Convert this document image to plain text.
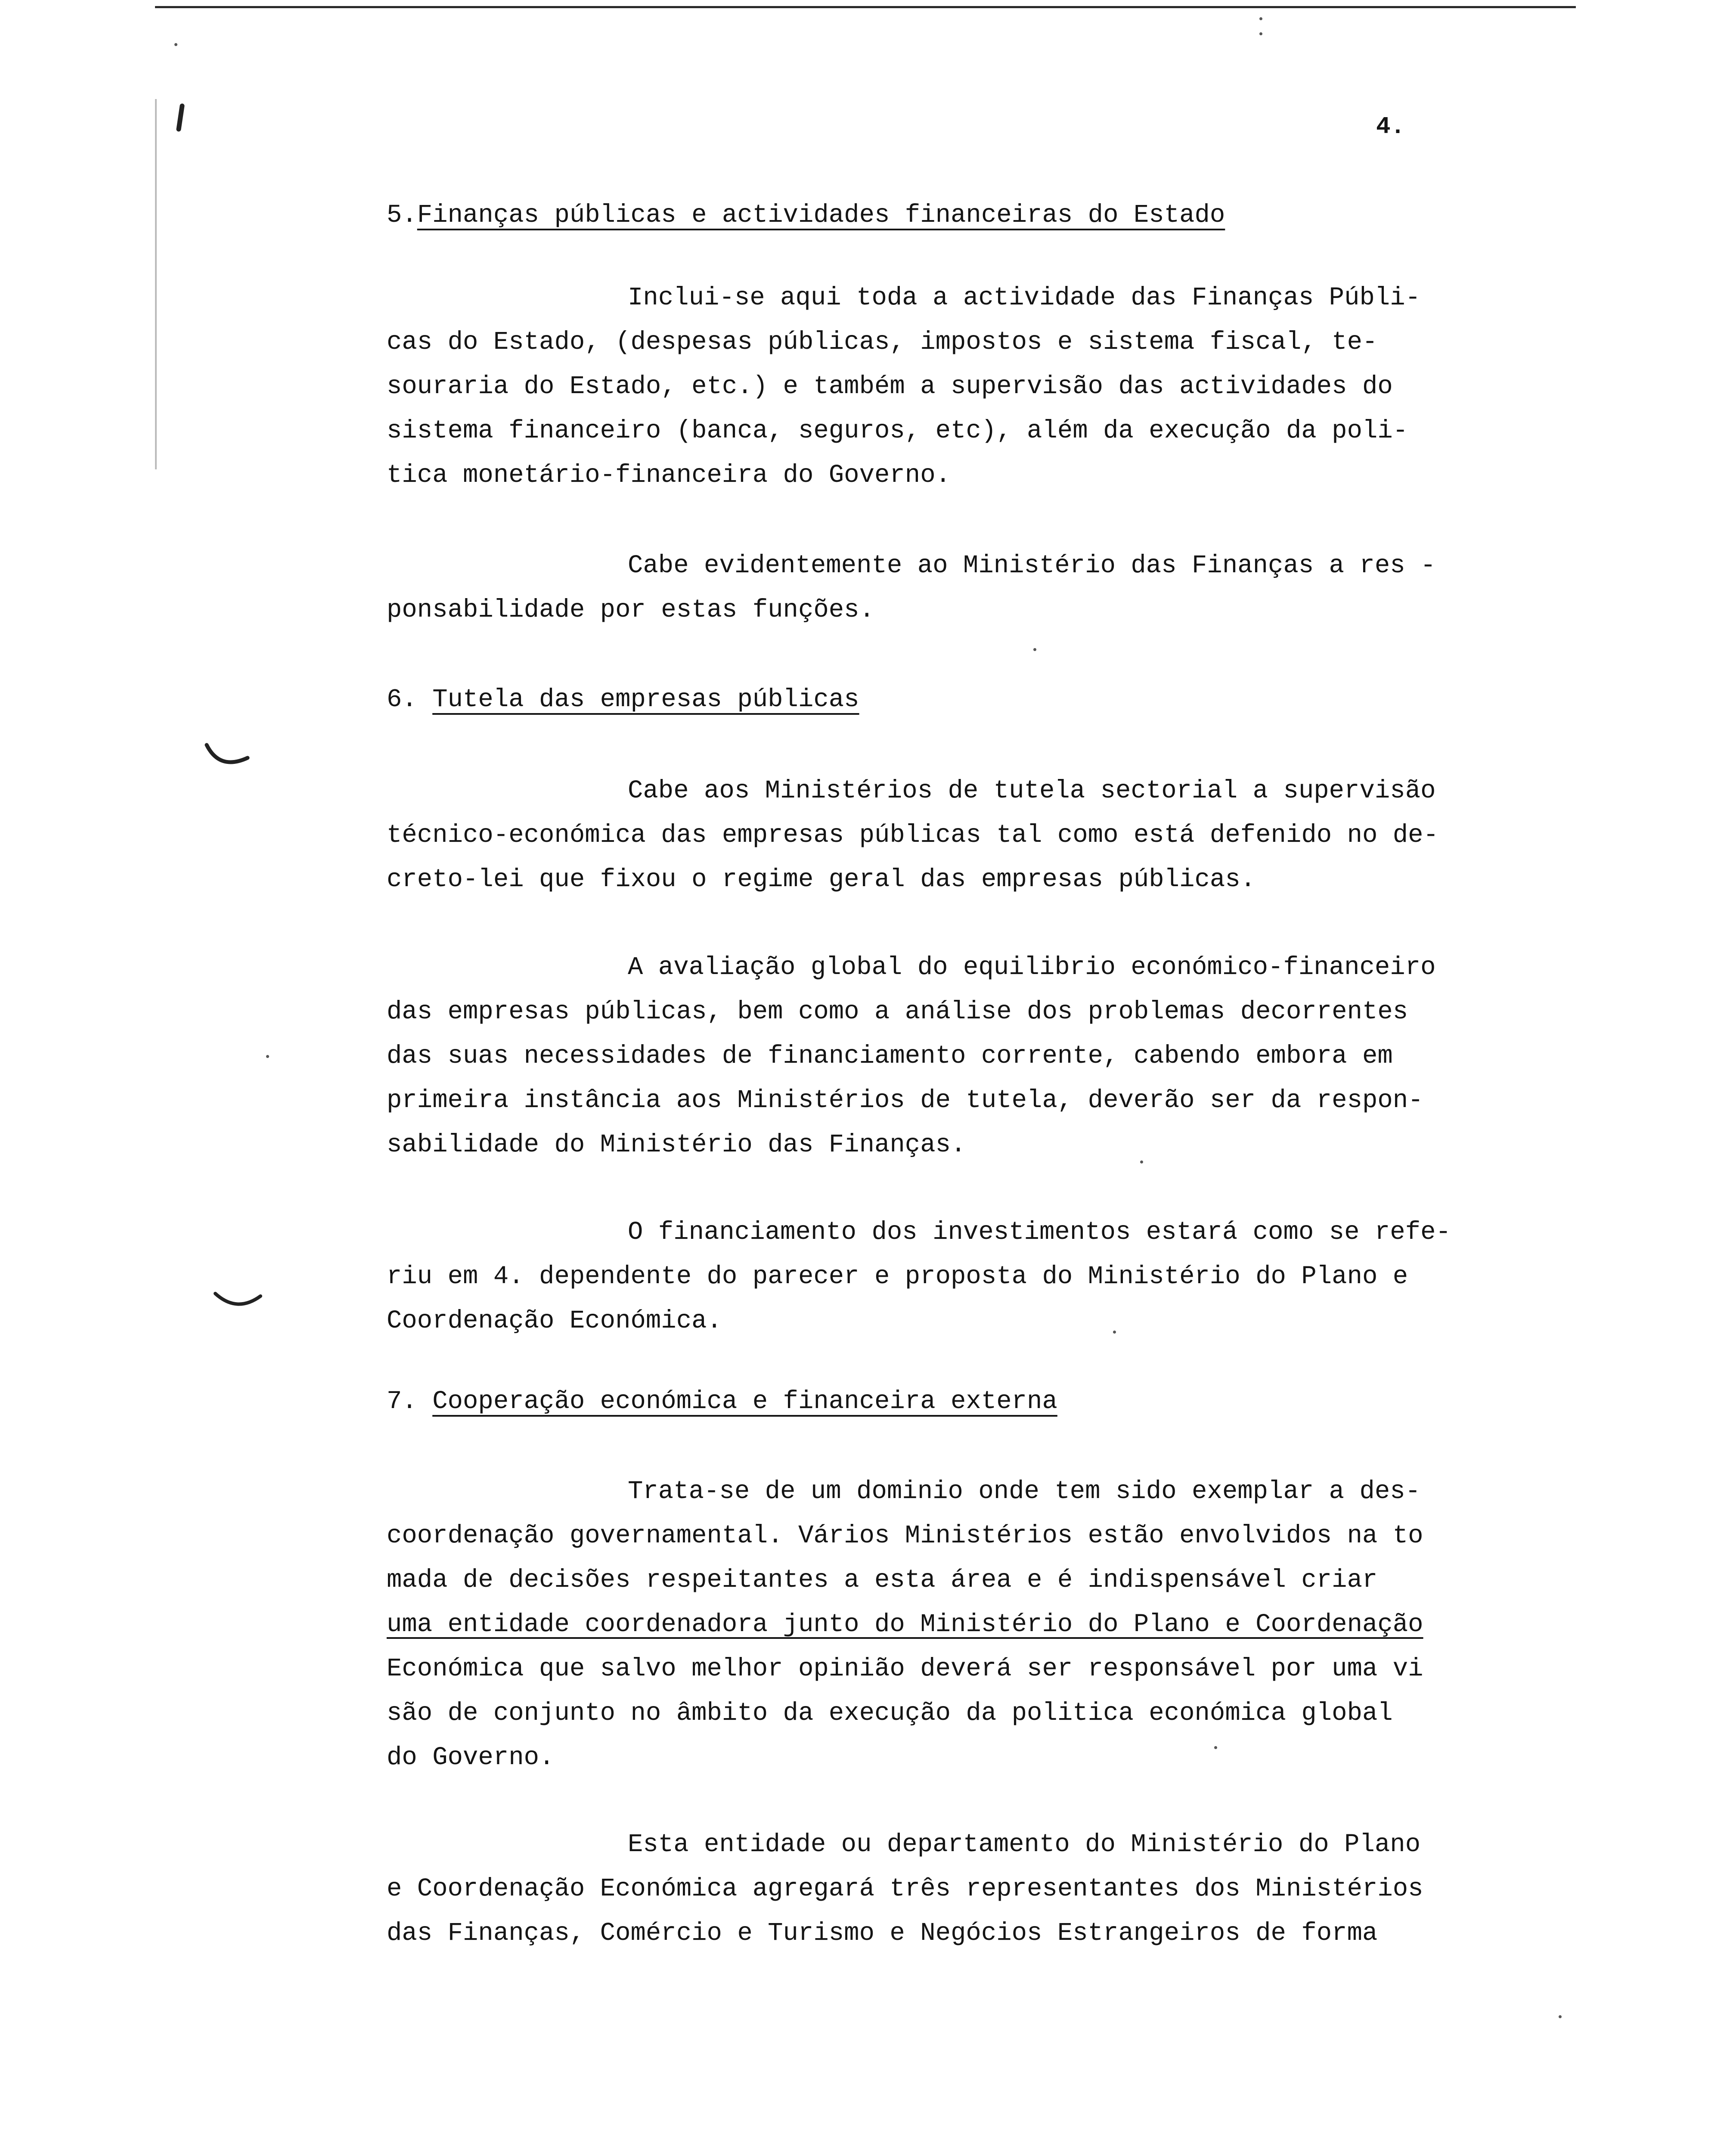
4.
5.Finanças públicas e actividades financeiras do Estado

Inclui-se aqui toda a actividade das Finanças Públi-
cas do Estado, (despesas públicas, impostos e sistema fiscal, te-
souraria do Estado, etc.) e também a supervisão das actividades do
sistema financeiro (banca, seguros, etc), além da execução da poli-
tica monetário-financeira do Governo.

Cabe evidentemente ao Ministério das Finanças a res -
ponsabilidade por estas funções.

6. Tutela das empresas públicas

Cabe aos Ministérios de tutela sectorial a supervisão
técnico-económica das empresas públicas tal como está defenido no de-
creto-lei que fixou o regime geral das empresas públicas.

A avaliação global do equilibrio económico-financeiro
das empresas públicas, bem como a análise dos problemas decorrentes
das suas necessidades de financiamento corrente, cabendo embora em
primeira instância aos Ministérios de tutela, deverão ser da respon-
sabilidade do Ministério das Finanças.

O financiamento dos investimentos estará como se refe-
riu em 4. dependente do parecer e proposta do Ministério do Plano e
Coordenação Económica.

7. Cooperação económica e financeira externa

Trata-se de um dominio onde tem sido exemplar a des-
coordenação governamental. Vários Ministérios estão envolvidos na to
mada de decisões respeitantes a esta área e é indispensável criar
uma entidade coordenadora junto do Ministério do Plano e Coordenação
Económica que salvo melhor opinião deverá ser responsável por uma vi
são de conjunto no âmbito da execução da politica económica global
do Governo.

Esta entidade ou departamento do Ministério do Plano
e Coordenação Económica agregará três representantes dos Ministérios
das Finanças, Comércio e Turismo e Negócios Estrangeiros de forma
